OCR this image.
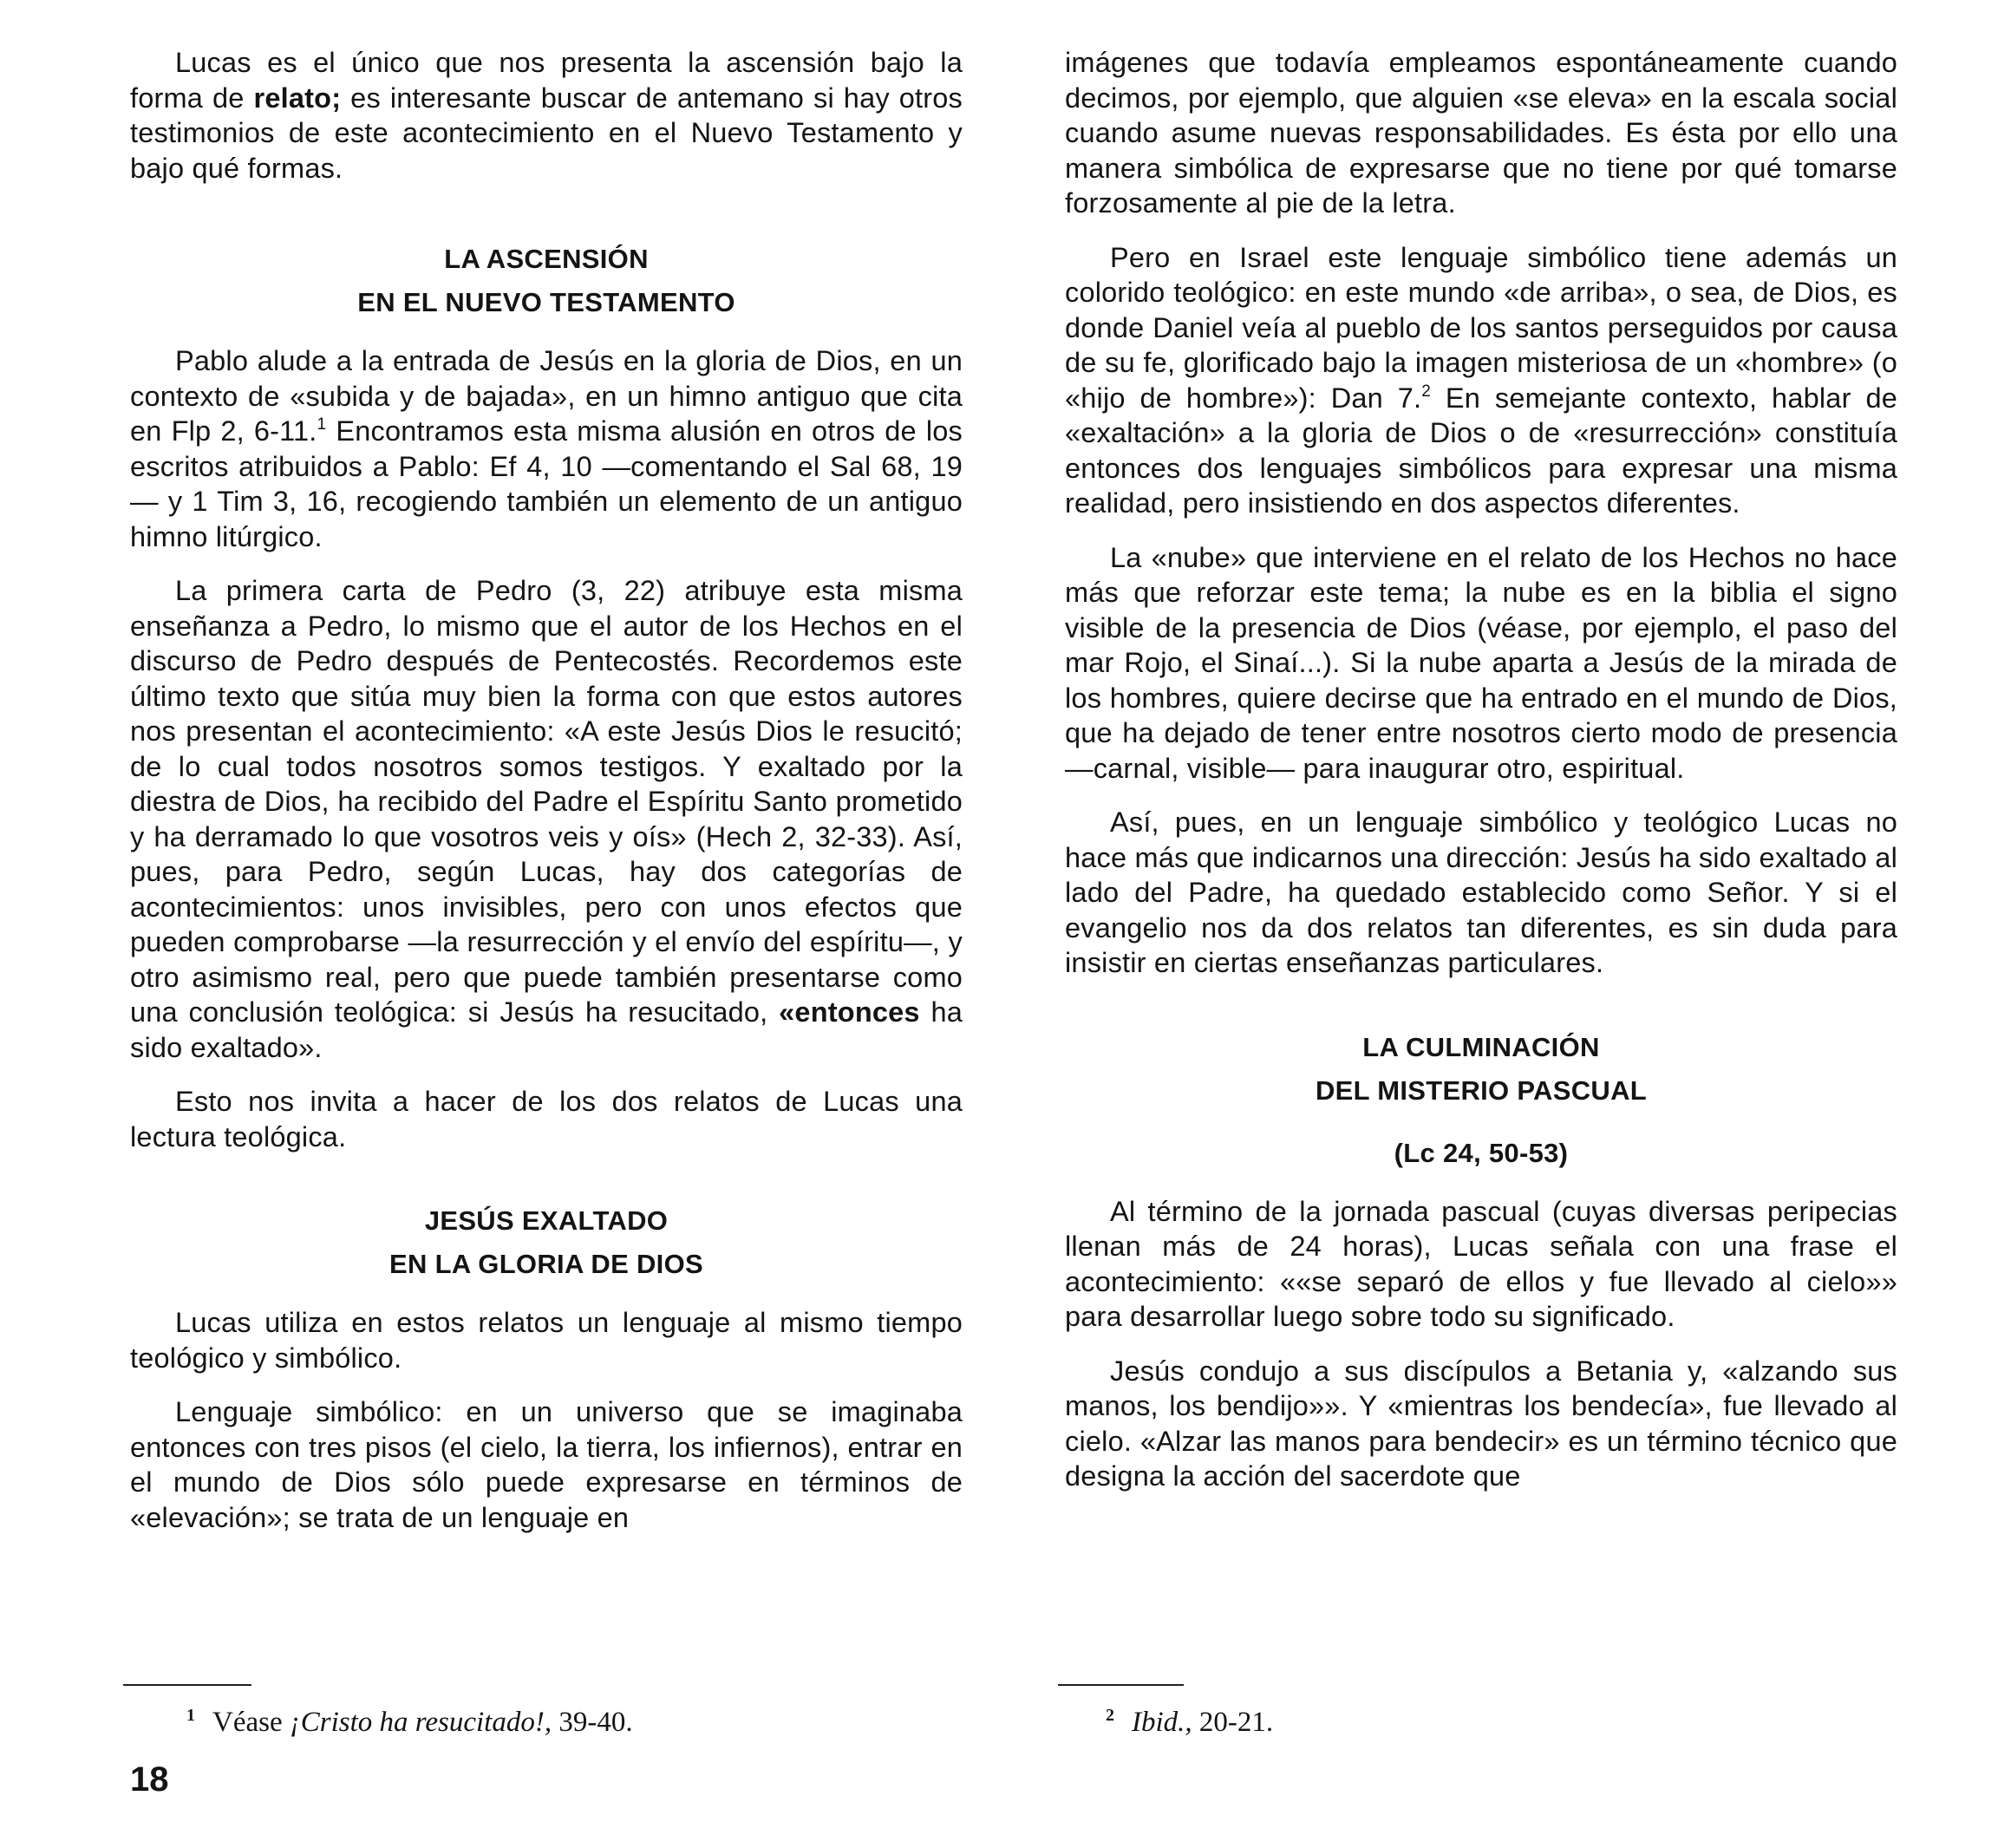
Lucas es el único que nos presenta la ascensión bajo la forma de relato; es interesante buscar de antemano si hay otros testimonios de este acontecimiento en el Nuevo Testamento y bajo qué formas.

LA ASCENSIÓN
EN EL NUEVO TESTAMENTO

Pablo alude a la entrada de Jesús en la gloria de Dios, en un contexto de «subida y de bajada», en un himno antiguo que cita en Flp 2, 6-11.$^1$ Encontramos esta misma alusión en otros de los escritos atribuidos a Pablo: Ef 4, 10 —comentando el Sal 68, 19— y 1 Tim 3, 16, recogiendo también un elemento de un antiguo himno litúrgico.

La primera carta de Pedro (3, 22) atribuye esta misma enseñanza a Pedro, lo mismo que el autor de los Hechos en el discurso de Pedro después de Pentecostés. Recordemos este último texto que sitúa muy bien la forma con que estos autores nos presentan el acontecimiento: «A este Jesús Dios le resucitó; de lo cual todos nosotros somos testigos. Y exaltado por la diestra de Dios, ha recibido del Padre el Espíritu Santo prometido y ha derramado lo que vosotros veis y oís» (Hech 2, 32-33). Así, pues, para Pedro, según Lucas, hay dos categorías de acontecimientos: unos invisibles, pero con unos efectos que pueden comprobarse —la resurrección y el envío del espíritu—, y otro asimismo real, pero que puede también presentarse como una conclusión teológica: si Jesús ha resucitado, «entonces ha sido exaltado».

Esto nos invita a hacer de los dos relatos de Lucas una lectura teológica.

JESÚS EXALTADO
EN LA GLORIA DE DIOS

Lucas utiliza en estos relatos un lenguaje al mismo tiempo teológico y simbólico.

Lenguaje simbólico: en un universo que se imaginaba entonces con tres pisos (el cielo, la tierra, los infiernos), entrar en el mundo de Dios sólo puede expresarse en términos de «elevación»; se trata de un lenguaje en

imágenes que todavía empleamos espontáneamente cuando decimos, por ejemplo, que alguien «se eleva» en la escala social cuando asume nuevas responsabilidades. Es ésta por ello una manera simbólica de expresarse que no tiene por qué tomarse forzosamente al pie de la letra.

Pero en Israel este lenguaje simbólico tiene además un colorido teológico: en este mundo «de arriba», o sea, de Dios, es donde Daniel veía al pueblo de los santos perseguidos por causa de su fe, glorificado bajo la imagen misteriosa de un «hombre» (o «hijo de hombre»): Dan 7.$^2$ En semejante contexto, hablar de «exaltación» a la gloria de Dios o de «resurrección» constituía entonces dos lenguajes simbólicos para expresar una misma realidad, pero insistiendo en dos aspectos diferentes.

La «nube» que interviene en el relato de los Hechos no hace más que reforzar este tema; la nube es en la biblia el signo visible de la presencia de Dios (véase, por ejemplo, el paso del mar Rojo, el Sinaí...). Si la nube aparta a Jesús de la mirada de los hombres, quiere decirse que ha entrado en el mundo de Dios, que ha dejado de tener entre nosotros cierto modo de presencia —carnal, visible— para inaugurar otro, espiritual.

Así, pues, en un lenguaje simbólico y teológico Lucas no hace más que indicarnos una dirección: Jesús ha sido exaltado al lado del Padre, ha quedado establecido como Señor. Y si el evangelio nos da dos relatos tan diferentes, es sin duda para insistir en ciertas enseñanzas particulares.

LA CULMINACIÓN
DEL MISTERIO PASCUAL
(Lc 24, 50-53)

Al término de la jornada pascual (cuyas diversas peripecias llenan más de 24 horas), Lucas señala con una frase el acontecimiento: ««se separó de ellos y fue llevado al cielo»» para desarrollar luego sobre todo su significado.

Jesús condujo a sus discípulos a Betania y, «alzando sus manos, los bendijo»». Y «mientras los bendecía», fue llevado al cielo. «Alzar las manos para bendecir» es un término técnico que designa la acción del sacerdote que

$^1$ Véase ¡Cristo ha resucitado!, 39-40.	$^2$ Ibid., 20-21.
18
